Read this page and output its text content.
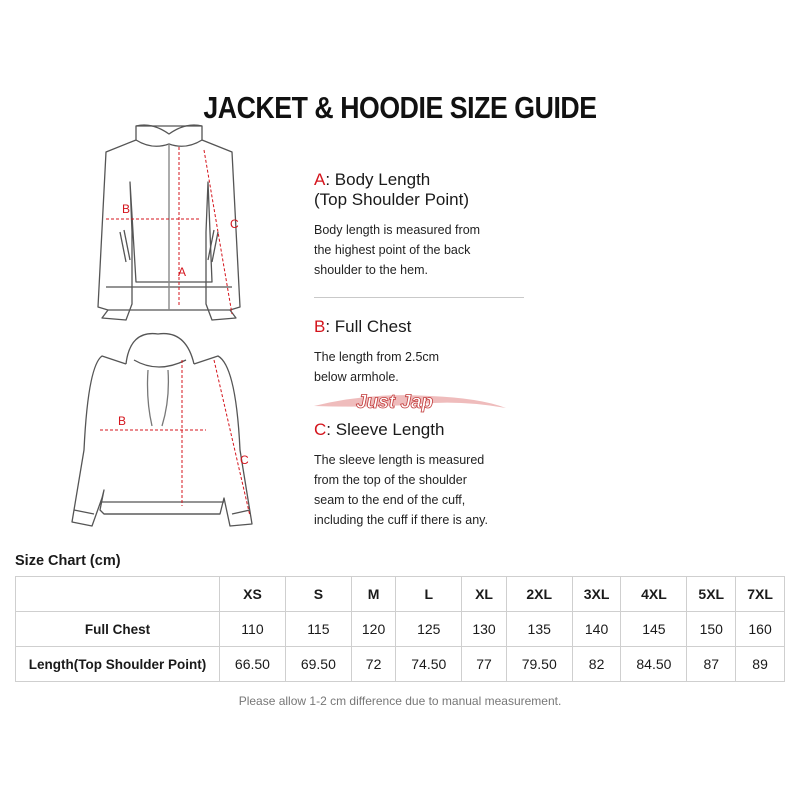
JACKET & HOODIE SIZE GUIDE
A
B
C
B
C
A: Body Length
(Top Shoulder Point)
Body length is measured from
the highest point of the back
shoulder to the hem.
B: Full Chest
The length from 2.5cm
below armhole.
Just Jap
C: Sleeve Length
The sleeve length is measured
from the top of the shoulder
seam to the end of the cuff,
including the cuff if there is any.
Size Chart (cm)
	XS	S	M	L	XL	2XL	3XL	4XL	5XL	7XL
Full Chest	110	115	120	125	130	135	140	145	150	160
Length(Top Shoulder Point)	66.50	69.50	72	74.50	77	79.50	82	84.50	87	89
Please allow 1-2 cm difference due to manual measurement.
